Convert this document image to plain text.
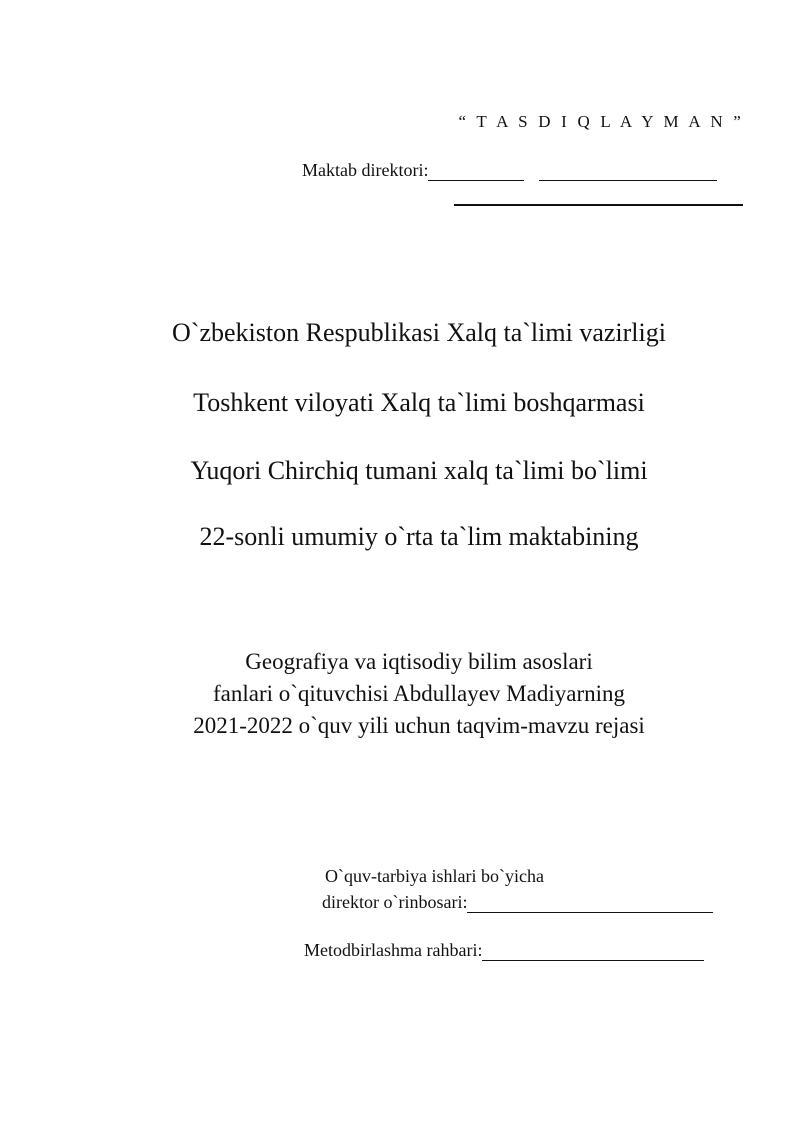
“ T A S D I Q L A Y M A N ”
Maktab direktori:
O`zbekiston Respublikasi Xalq ta`limi vazirligi
Toshkent viloyati Xalq ta`limi boshqarmasi
Yuqori Chirchiq tumani xalq ta`limi bo`limi
22-sonli umumiy o`rta ta`lim maktabining
Geografiya va iqtisodiy bilim asoslari
fanlari o`qituvchisi Abdullayev Madiyarning
2021-2022 o`quv yili uchun taqvim-mavzu rejasi
O`quv-tarbiya ishlari bo`yicha
direktor o`rinbosari:
Metodbirlashma rahbari:
